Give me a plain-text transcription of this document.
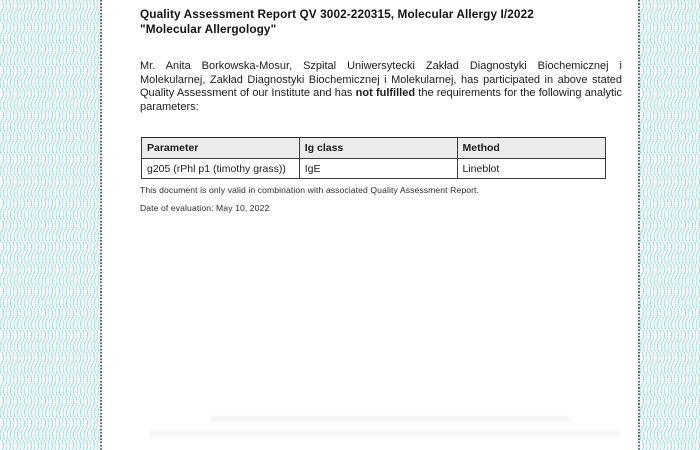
Quality Assessment Report QV 3002-220315, Molecular Allergy I/2022
"Molecular Allergology"
Mr. Anita Borkowska-Mosur, Szpital Uniwersytecki Zakład Diagnostyki Biochemicznej i Molekularnej, Zakład Diagnostyki Biochemicznej i Molekularnej, has participated in above stated Quality Assessment of our Institute and has not fulfilled the requirements for the following analytic parameters:
Parameter	Ig class	Method
g205 (rPhl p1 (timothy grass))	IgE	Lineblot
This document is only valid in combination with associated Quality Assessment Report.
Date of evaluation: May 10, 2022
